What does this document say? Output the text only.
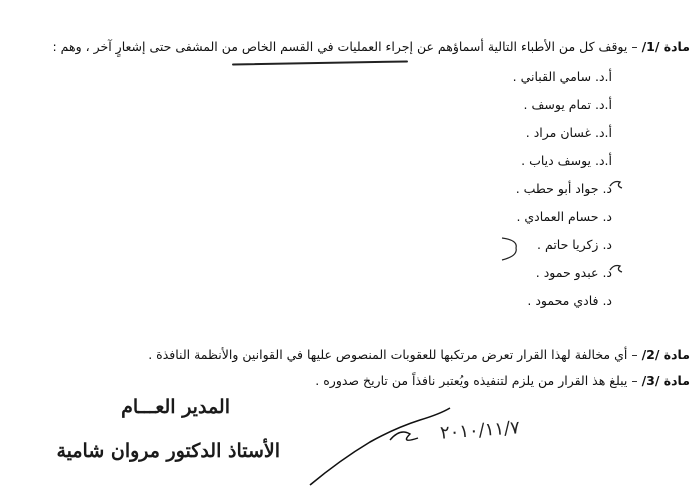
مادة /1/ – يوقف كل من الأطباء التالية أسماؤهم عن إجراء العمليات في القسم الخاص من المشفى حتى إشعارٍ آخر ، وهم :
أ.د. سامي القباني .
أ.د. تمام يوسف .
أ.د. غسان مراد .
أ.د. يوسف دياب .
د. جواد أبو حطب .
د. حسام العمادي .
د. زكريا حاتم .
د. عبدو حمود .
د. فادي محمود .
مادة /2/ – أي مخالفة لهذا القرار تعرض مرتكبها للعقوبات المنصوص عليها في القوانين والأنظمة النافذة .
مادة /3/ – يبلغ هذ القرار من يلزم لتنفيذه ويُعتبر نافذاً من تاريخ صدوره .
المدير العـــام
الأستاذ الدكتور مروان شامية
٢٠١٠/١١/٧
